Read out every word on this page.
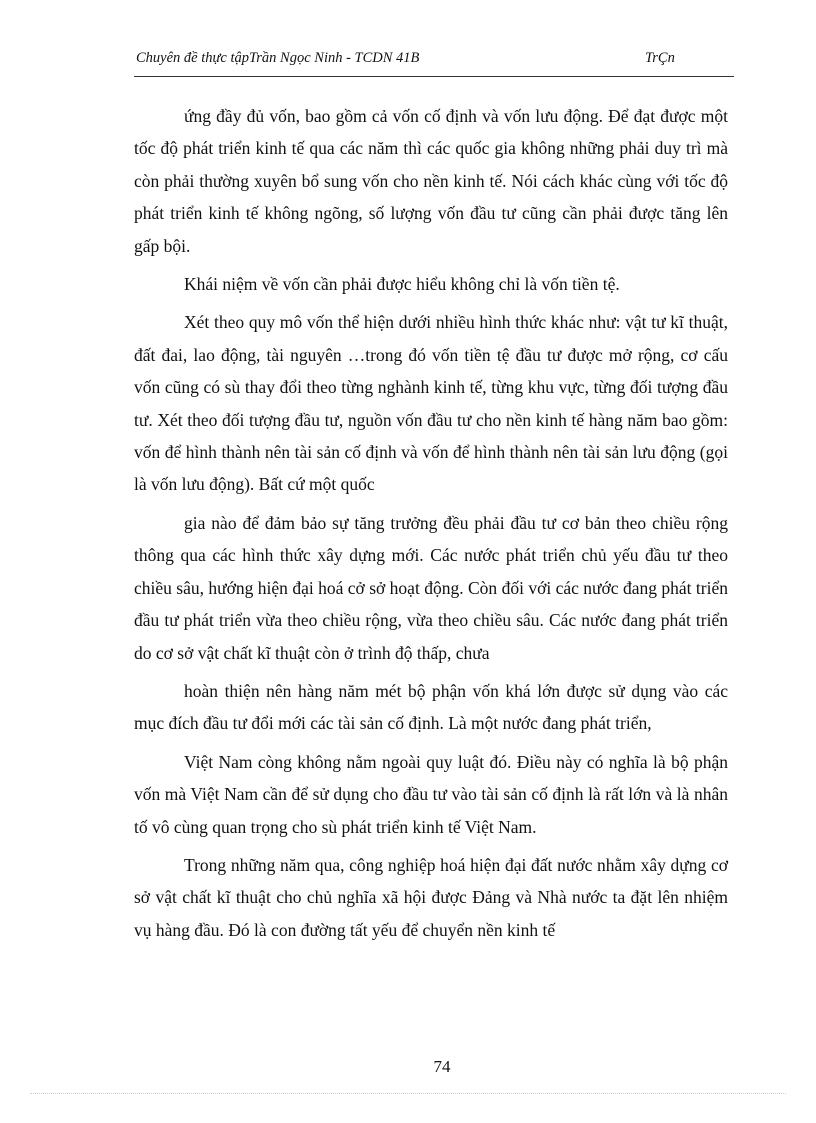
Chuyên đề thực tậpTrần Ngọc Ninh - TCDN 41B	TrÇn

ứng đầy đủ vốn, bao gồm cả vốn cố định và vốn lưu động. Để đạt được một tốc độ phát triển kinh tế qua các năm thì các quốc gia không những phải duy trì mà còn phải thường xuyên bổ sung vốn cho nền kinh tế. Nói cách khác cùng với tốc độ phát triển kinh tế không ngõng, số lượng vốn đầu tư cũng cần phải được tăng lên gấp bội.

Khái niệm về vốn cần phải được hiểu không chỉ là vốn tiền tệ.

Xét theo quy mô vốn thể hiện dưới nhiều hình thức khác như: vật tư kĩ thuật, đất đai, lao động, tài nguyên …trong đó vốn tiền tệ đầu tư được mở rộng, cơ cấu vốn cũng có sù thay đổi theo từng nghành kinh tế, từng khu vực, từng đối tượng đầu tư. Xét theo đối tượng đầu tư, nguồn vốn đầu tư cho nền kinh tế hàng năm bao gồm: vốn để hình thành nên tài sản cố định và vốn để hình thành nên tài sản lưu động (gọi là vốn lưu động). Bất cứ một quốc

gia nào để đảm bảo sự tăng trưởng đều phải đầu tư cơ bản theo chiều rộng thông qua các hình thức xây dựng mới. Các nước phát triển chủ yếu đầu tư theo chiều sâu, hướng hiện đại hoá cở sở hoạt động. Còn đối với các nước đang phát triển đầu tư phát triển vừa theo chiều rộng, vừa theo chiều sâu. Các nước đang phát triển do cơ sở vật chất kĩ thuật còn ở trình độ thấp, chưa

hoàn thiện nên hàng năm mét bộ phận vốn khá lớn được sử dụng vào các mục đích đầu tư đổi mới các tài sản cố định. Là một nước đang phát triển,

Việt Nam còng không nằm ngoài quy luật đó. Điều này có nghĩa là bộ phận vốn mà Việt Nam cần để sử dụng cho đầu tư vào tài sản cố định là rất lớn và là nhân tố vô cùng quan trọng cho sù phát triển kinh tế Việt Nam.

Trong những năm qua, công nghiệp hoá hiện đại đất nước nhằm xây dựng cơ sở vật chất kĩ thuật cho chủ nghĩa xã hội được Đảng và Nhà nước ta đặt lên nhiệm vụ hàng đầu. Đó là con đường tất yếu để chuyển nền kinh tế

74
